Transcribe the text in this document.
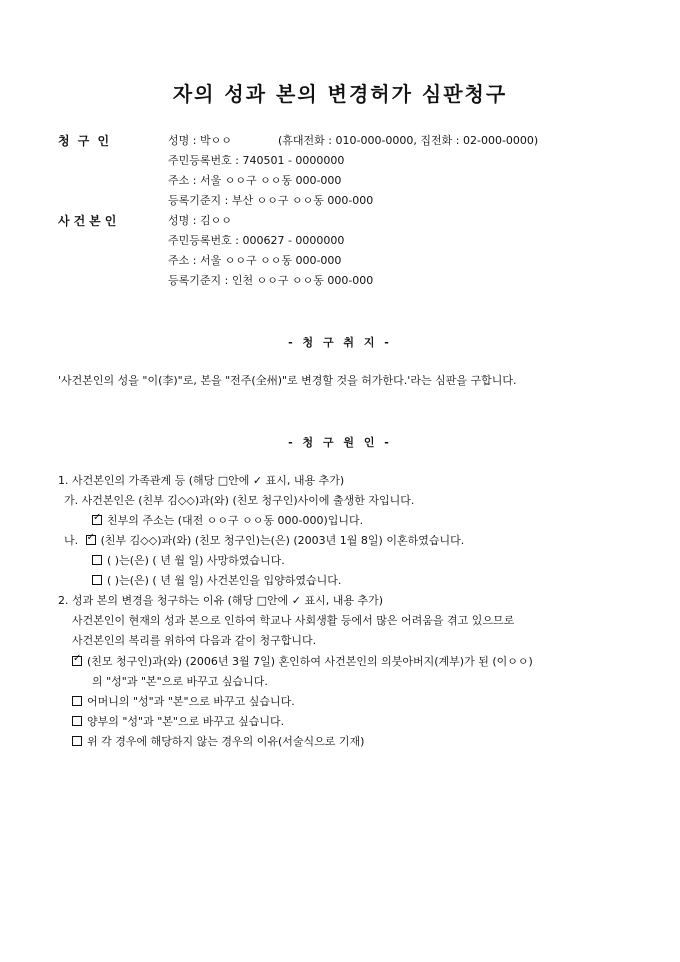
자의 성과 본의 변경허가 심판청구
청 구 인	성명 : 박ㅇㅇ	(휴대전화 : 010-000-0000, 집전화 : 02-000-0000)
주민등록번호 : 740501 - 0000000
주소 : 서울 ㅇㅇ구 ㅇㅇ동 000-000
등록기준지 : 부산 ㅇㅇ구 ㅇㅇ동 000-000
사건본인	성명 : 김ㅇㅇ
주민등록번호 : 000627 - 0000000
주소 : 서울 ㅇㅇ구 ㅇㅇ동 000-000
등록기준지 : 인천 ㅇㅇ구 ㅇㅇ동 000-000
- 청 구 취 지 -
'사건본인의 성을 "이(李)"로, 본을 "전주(全州)"로 변경할 것을 허가한다.'라는 심판을 구합니다.
- 청 구 원 인 -
1. 사건본인의 가족관계 등 (해당 □안에 ✓ 표시, 내용 추가)
가. 사건본인은 (친부 김◇◇)과(와) (친모 청구인)사이에 출생한 자입니다.
✓친부의 주소는 (대전 ㅇㅇ구 ㅇㅇ동 000-000)입니다.
나. ✓ (친부 김◇◇)과(와) (친모 청구인)는(은) (2003년 1월 8일) 이혼하였습니다.
( )는(은) ( 년 월 일) 사망하였습니다.
( )는(은) ( 년 월 일) 사건본인을 입양하였습니다.
2. 성과 본의 변경을 청구하는 이유 (해당 □안에 ✓ 표시, 내용 추가)
사건본인이 현재의 성과 본으로 인하여 학교나 사회생활 등에서 많은 어려움을 겪고 있으므로
사건본인의 복리를 위하여 다음과 같이 청구합니다.
✓(친모 청구인)과(와) (2006년 3월 7일) 혼인하여 사건본인의 의붓아버지(계부)가 된 (이ㅇㅇ)
의 "성"과 "본"으로 바꾸고 싶습니다.
어머니의 "성"과 "본"으로 바꾸고 싶습니다.
양부의 "성"과 "본"으로 바꾸고 싶습니다.
위 각 경우에 해당하지 않는 경우의 이유(서술식으로 기재)
